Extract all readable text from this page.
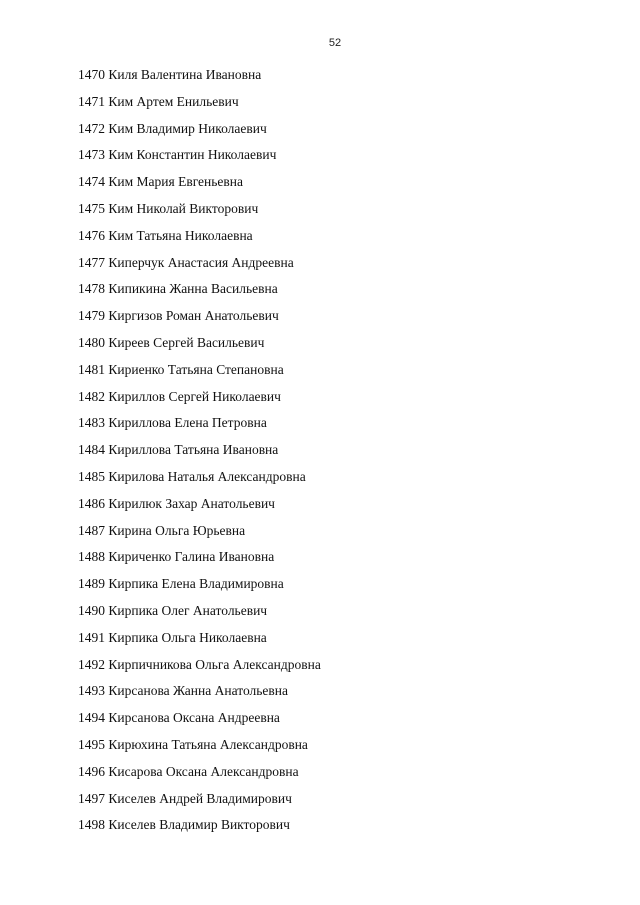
52
1470 Киля Валентина Ивановна
1471 Ким Артем Енильевич
1472 Ким Владимир Николаевич
1473 Ким Константин Николаевич
1474 Ким Мария Евгеньевна
1475 Ким Николай Викторович
1476 Ким Татьяна Николаевна
1477 Киперчук Анастасия Андреевна
1478 Кипикина Жанна Васильевна
1479 Киргизов Роман Анатольевич
1480 Киреев Сергей Васильевич
1481 Кириенко Татьяна Степановна
1482 Кириллов Сергей Николаевич
1483 Кириллова Елена Петровна
1484 Кириллова Татьяна Ивановна
1485 Кирилова Наталья Александровна
1486 Кирилюк Захар Анатольевич
1487 Кирина Ольга Юрьевна
1488 Кириченко Галина Ивановна
1489 Кирпика Елена Владимировна
1490 Кирпика Олег Анатольевич
1491 Кирпика Ольга Николаевна
1492 Кирпичникова Ольга Александровна
1493 Кирсанова Жанна Анатольевна
1494 Кирсанова Оксана Андреевна
1495 Кирюхина Татьяна Александровна
1496 Кисарова Оксана Александровна
1497 Киселев Андрей Владимирович
1498 Киселев Владимир Викторович
